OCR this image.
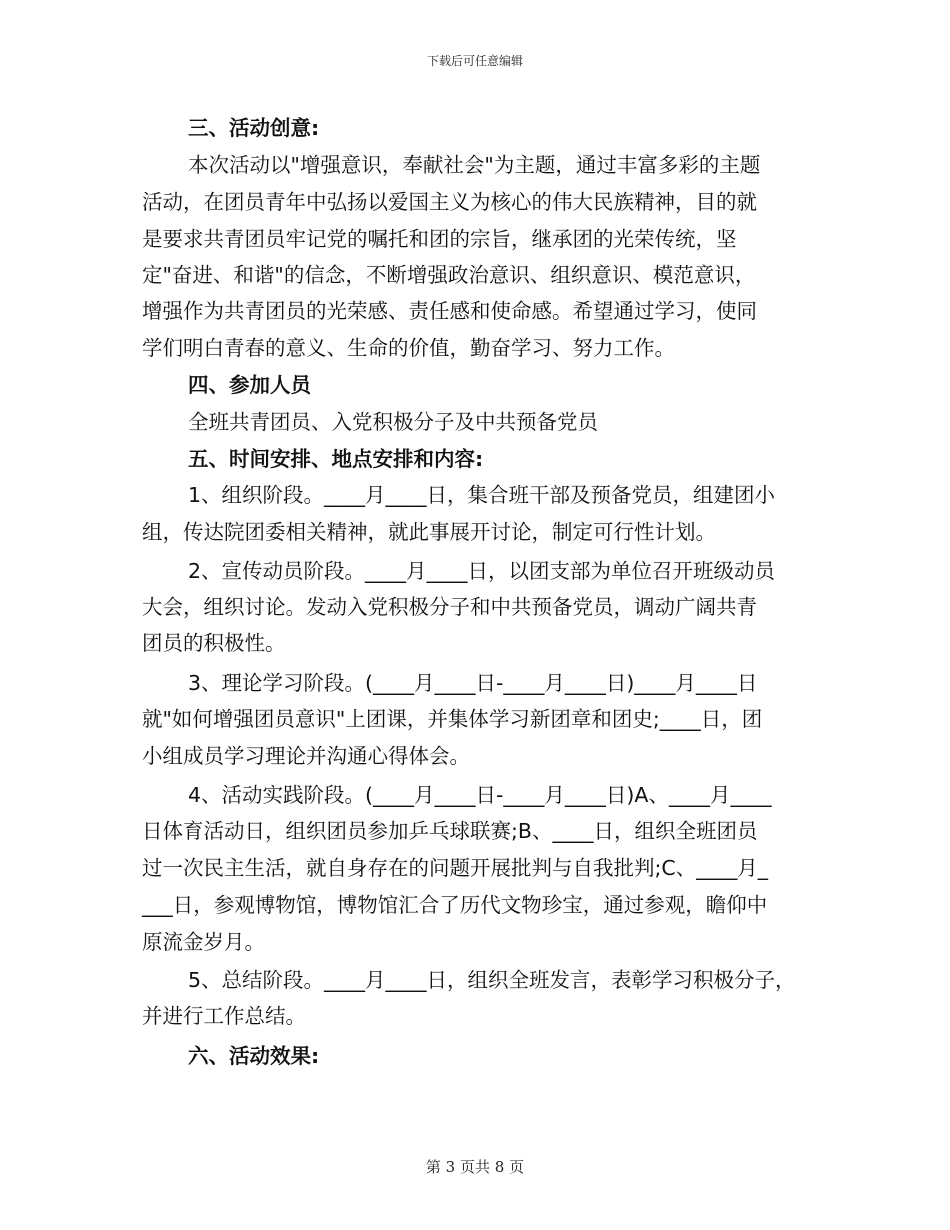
下载后可任意编辑
三、活动创意:
本次活动以"增强意识，奉献社会"为主题，通过丰富多彩的主题
活动，在团员青年中弘扬以爱国主义为核心的伟大民族精神，目的就
是要求共青团员牢记党的嘱托和团的宗旨，继承团的光荣传统，坚
定"奋进、和谐"的信念，不断增强政治意识、组织意识、模范意识，
增强作为共青团员的光荣感、责任感和使命感。希望通过学习，使同
学们明白青春的意义、生命的价值，勤奋学习、努力工作。
四、参加人员
全班共青团员、入党积极分子及中共预备党员
五、时间安排、地点安排和内容:
1、组织阶段。____月____日，集合班干部及预备党员，组建团小
组，传达院团委相关精神，就此事展开讨论，制定可行性计划。
2、宣传动员阶段。____月____日，以团支部为单位召开班级动员
大会，组织讨论。发动入党积极分子和中共预备党员，调动广阔共青
团员的积极性。
3、理论学习阶段。(____月____日-____月____日)____月____日
就"如何增强团员意识"上团课，并集体学习新团章和团史;____日，团
小组成员学习理论并沟通心得体会。
4、活动实践阶段。(____月____日-____月____日)A、____月____
日体育活动日，组织团员参加乒乓球联赛;B、____日，组织全班团员
过一次民主生活，就自身存在的问题开展批判与自我批判;C、____月_
___日，参观博物馆，博物馆汇合了历代文物珍宝，通过参观，瞻仰中
原流金岁月。
5、总结阶段。____月____日，组织全班发言，表彰学习积极分子，
并进行工作总结。
六、活动效果:
第 3 页共 8 页
